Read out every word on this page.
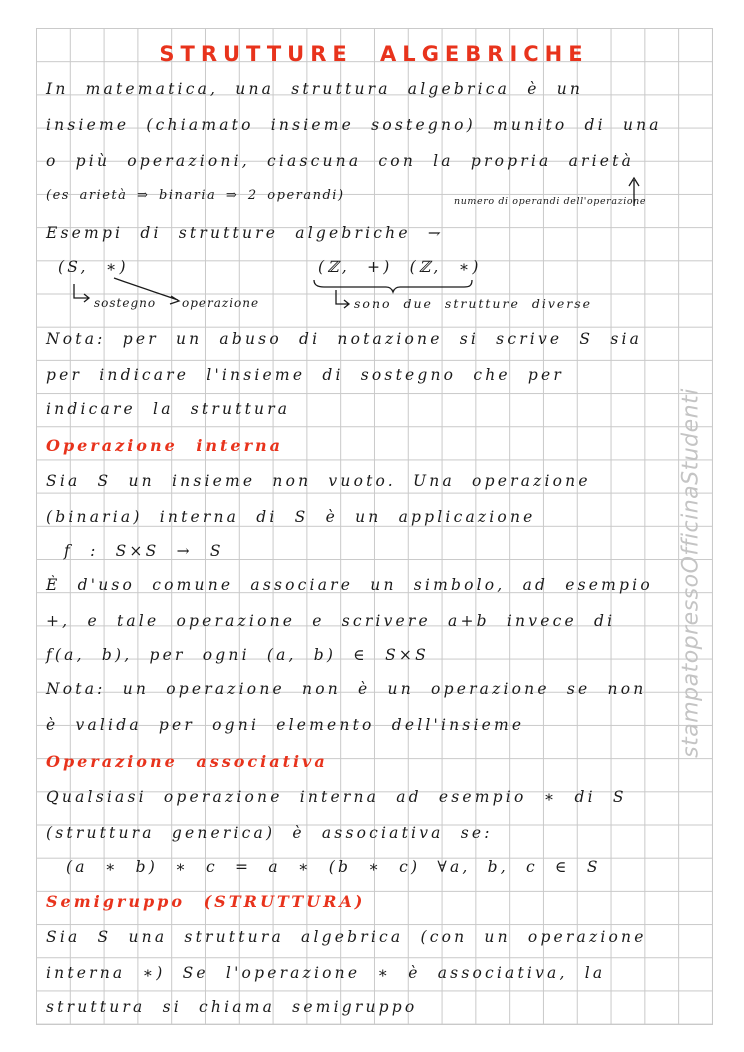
STRUTTURE ALGEBRICHE

In matematica, una struttura algebrica è un

insieme (chiamato insieme sostegno) munito di una

o più operazioni, ciascuna con la propria arietà

(es arietà ⇒ binaria ⇒ 2 operandi)	numero di operandi dell'operazione

Esempi di strutture algebriche ⇁

(S, ∗)	(ℤ, +) (ℤ, ∗)

sostegno operazione	sono due strutture diverse

Nota: per un abuso di notazione si scrive S sia

per indicare l'insieme di sostegno che per

indicare la struttura

Operazione interna

Sia S un insieme non vuoto. Una operazione

(binaria) interna di S è un applicazione

f : S×S → S

È d'uso comune associare un simbolo, ad esempio

+, e tale operazione e scrivere a+b invece di

f(a, b), per ogni (a, b) ∈ S×S

Nota: un operazione non è un operazione se non

è valida per ogni elemento dell'insieme

Operazione associativa

Qualsiasi operazione interna ad esempio ∗ di S

(struttura generica) è associativa se:

(a ∗ b) ∗ c = a ∗ (b ∗ c) ∀a, b, c ∈ S

Semigruppo (STRUTTURA)

Sia S una struttura algebrica (con un operazione

interna ∗) Se l'operazione ∗ è associativa, la

struttura si chiama semigruppo

stampatopressoOfficinaStudenti
